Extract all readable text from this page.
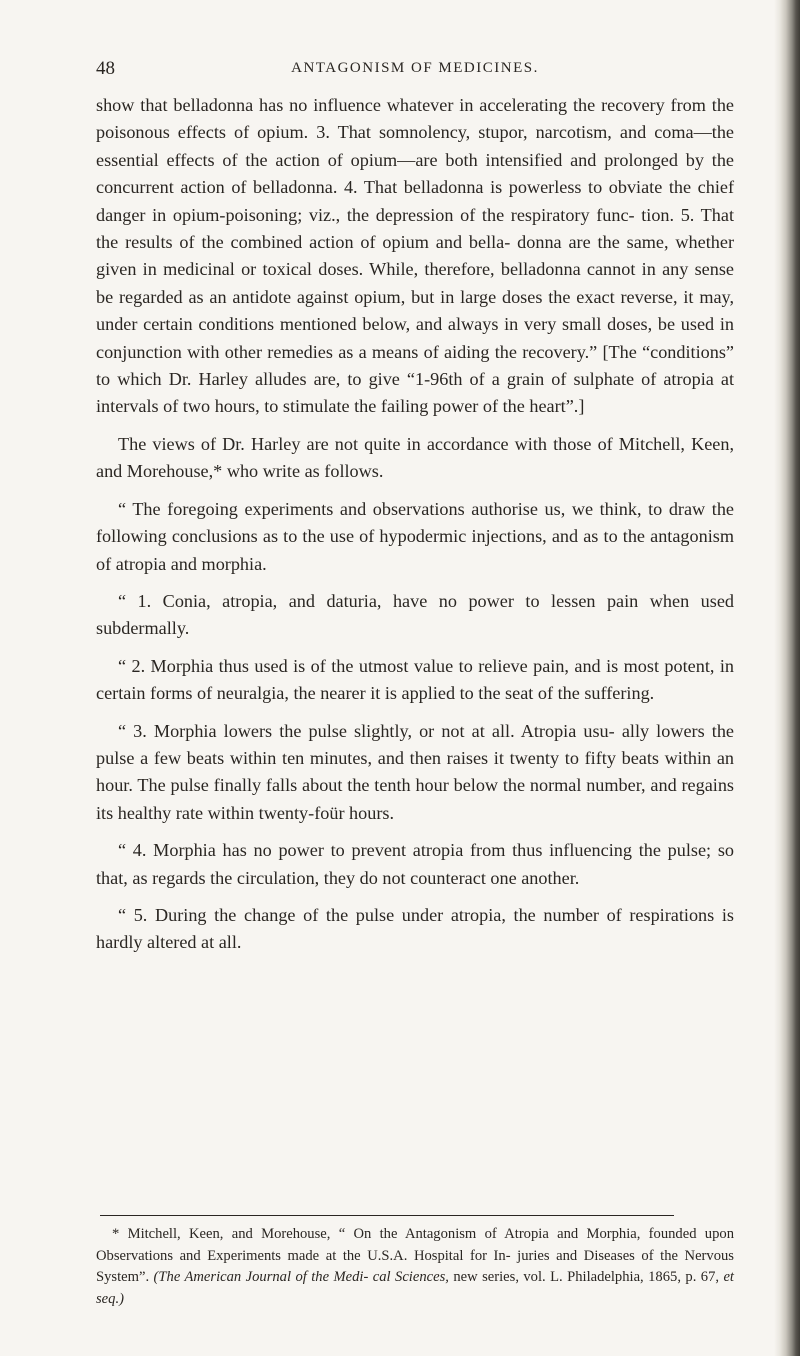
48	ANTAGONISM OF MEDICINES.

show that belladonna has no influence whatever in accelerating the recovery from the poisonous effects of opium. 3. That somnolency, stupor, narcotism, and coma—the essential effects of the action of opium—are both intensified and prolonged by the concurrent action of belladonna. 4. That belladonna is powerless to obviate the chief danger in opium-poisoning; viz., the depression of the respiratory func- tion. 5. That the results of the combined action of opium and bella- donna are the same, whether given in medicinal or toxical doses. While, therefore, belladonna cannot in any sense be regarded as an antidote against opium, but in large doses the exact reverse, it may, under certain conditions mentioned below, and always in very small doses, be used in conjunction with other remedies as a means of aiding the recovery.” [The “conditions” to which Dr. Harley alludes are, to give “1-96th of a grain of sulphate of atropia at intervals of two hours, to stimulate the failing power of the heart”.]

The views of Dr. Harley are not quite in accordance with those of Mitchell, Keen, and Morehouse,* who write as follows.

“ The foregoing experiments and observations authorise us, we think, to draw the following conclusions as to the use of hypodermic injections, and as to the antagonism of atropia and morphia.

“ 1. Conia, atropia, and daturia, have no power to lessen pain when used subdermally.

“ 2. Morphia thus used is of the utmost value to relieve pain, and is most potent, in certain forms of neuralgia, the nearer it is applied to the seat of the suffering.

“ 3. Morphia lowers the pulse slightly, or not at all. Atropia usu- ally lowers the pulse a few beats within ten minutes, and then raises it twenty to fifty beats within an hour. The pulse finally falls about the tenth hour below the normal number, and regains its healthy rate within twenty-foür hours.

“ 4. Morphia has no power to prevent atropia from thus influencing the pulse; so that, as regards the circulation, they do not counteract one another.

“ 5. During the change of the pulse under atropia, the number of respirations is hardly altered at all.

* Mitchell, Keen, and Morehouse, “ On the Antagonism of Atropia and Morphia, founded upon Observations and Experiments made at the U.S.A. Hospital for In- juries and Diseases of the Nervous System”. (The American Journal of the Medi- cal Sciences, new series, vol. L. Philadelphia, 1865, p. 67, et seq.)
